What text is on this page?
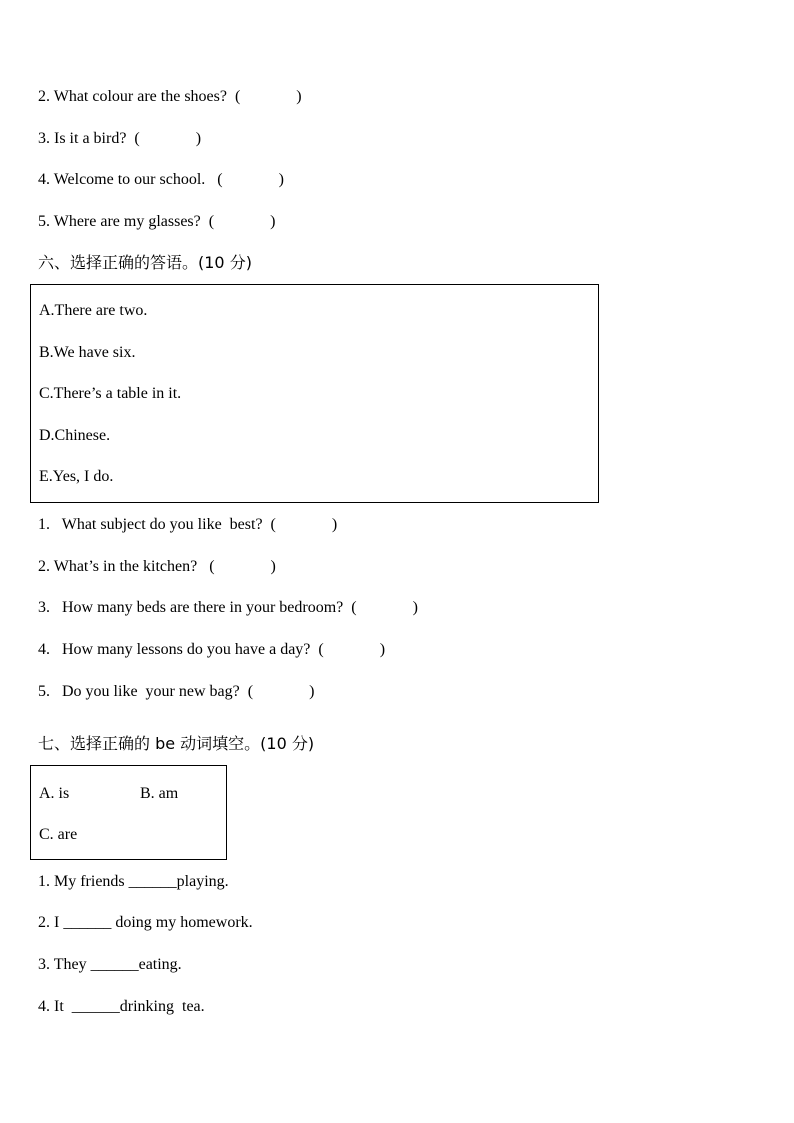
2. What colour are the shoes?  (              )
3. Is it a bird?  (              )
4. Welcome to our school.   (              )
5. Where are my glasses?  (              )
六、选择正确的答语。(10 分)
A.There are two.
B.We have six.
C.There’s a table in it.
D.Chinese.
E.Yes, I do.
1.   What subject do you like  best?  (              )
2. What’s in the kitchen?   (              )
3.   How many beds are there in your bedroom?  (              )
4.   How many lessons do you have a day?  (              )
5.   Do you like  your new bag?  (              )
七、选择正确的 be 动词填空。(10 分)
A. is	B. am
C. are
1. My friends ______playing.
2. I ______ doing my homework.
3. They ______eating.
4. It  ______drinking  tea.
